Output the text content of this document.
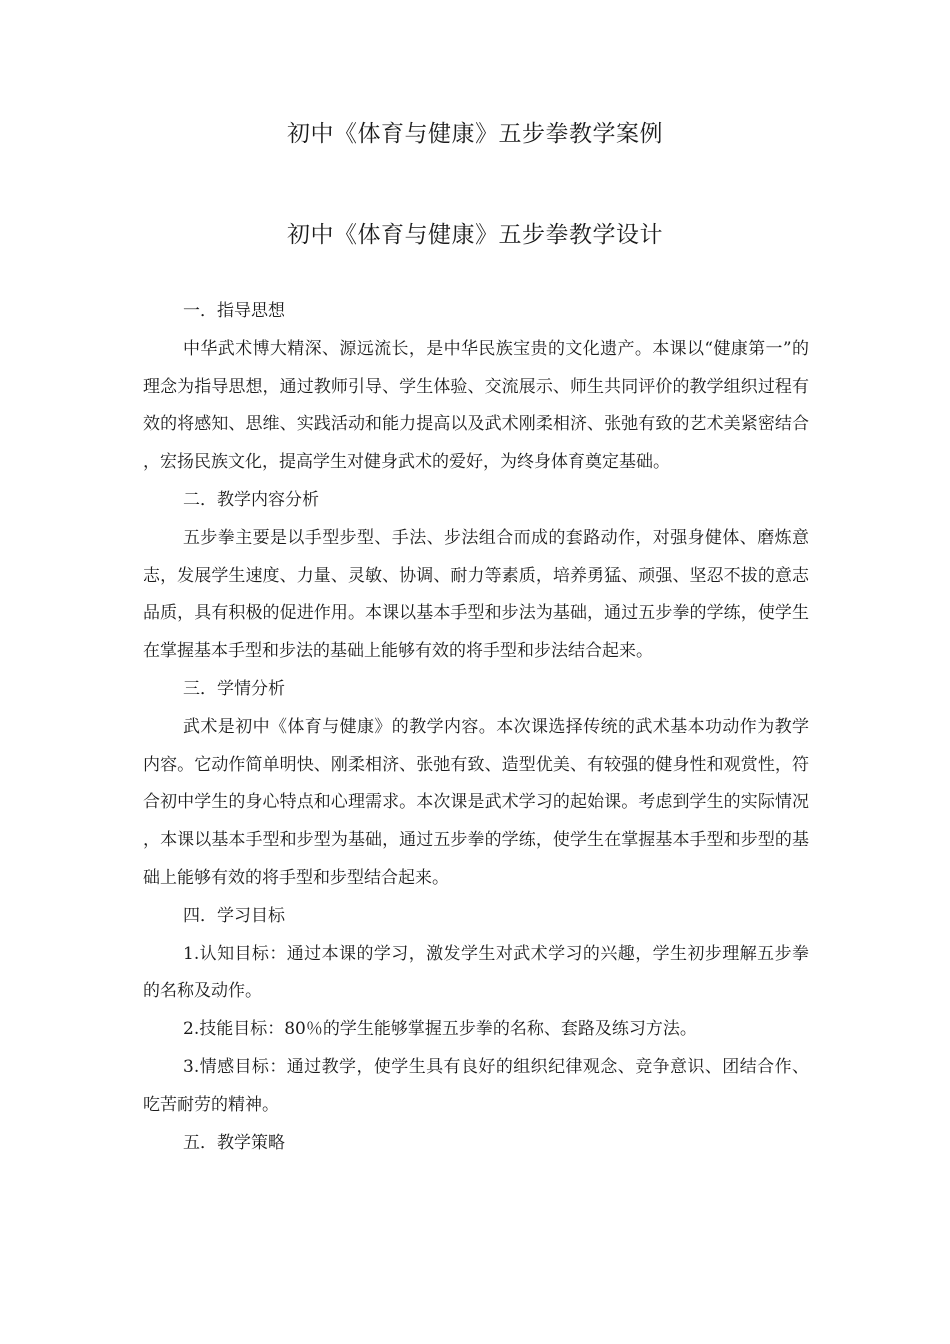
初中《体育与健康》五步拳教学案例
初中《体育与健康》五步拳教学设计

一．指导思想

中华武术博大精深、源远流长，是中华民族宝贵的文化遗产。本课以“健康第一”的理念为指导思想，通过教师引导、学生体验、交流展示、师生共同评价的教学组织过程有效的将感知、思维、实践活动和能力提高以及武术刚柔相济、张弛有致的艺术美紧密结合，宏扬民族文化，提高学生对健身武术的爱好，为终身体育奠定基础。

二．教学内容分析

五步拳主要是以手型步型、手法、步法组合而成的套路动作，对强身健体、磨炼意志，发展学生速度、力量、灵敏、协调、耐力等素质，培养勇猛、顽强、坚忍不拔的意志品质，具有积极的促进作用。本课以基本手型和步法为基础，通过五步拳的学练，使学生在掌握基本手型和步法的基础上能够有效的将手型和步法结合起来。

三．学情分析

武术是初中《体育与健康》的教学内容。本次课选择传统的武术基本功动作为教学内容。它动作简单明快、刚柔相济、张弛有致、造型优美、有较强的健身性和观赏性，符合初中学生的身心特点和心理需求。本次课是武术学习的起始课。考虑到学生的实际情况，本课以基本手型和步型为基础，通过五步拳的学练，使学生在掌握基本手型和步型的基础上能够有效的将手型和步型结合起来。

四．学习目标

1.认知目标：通过本课的学习，激发学生对武术学习的兴趣，学生初步理解五步拳的名称及动作。

2.技能目标：80％的学生能够掌握五步拳的名称、套路及练习方法。

3.情感目标：通过教学，使学生具有良好的组织纪律观念、竞争意识、团结合作、吃苦耐劳的精神。

五．教学策略
